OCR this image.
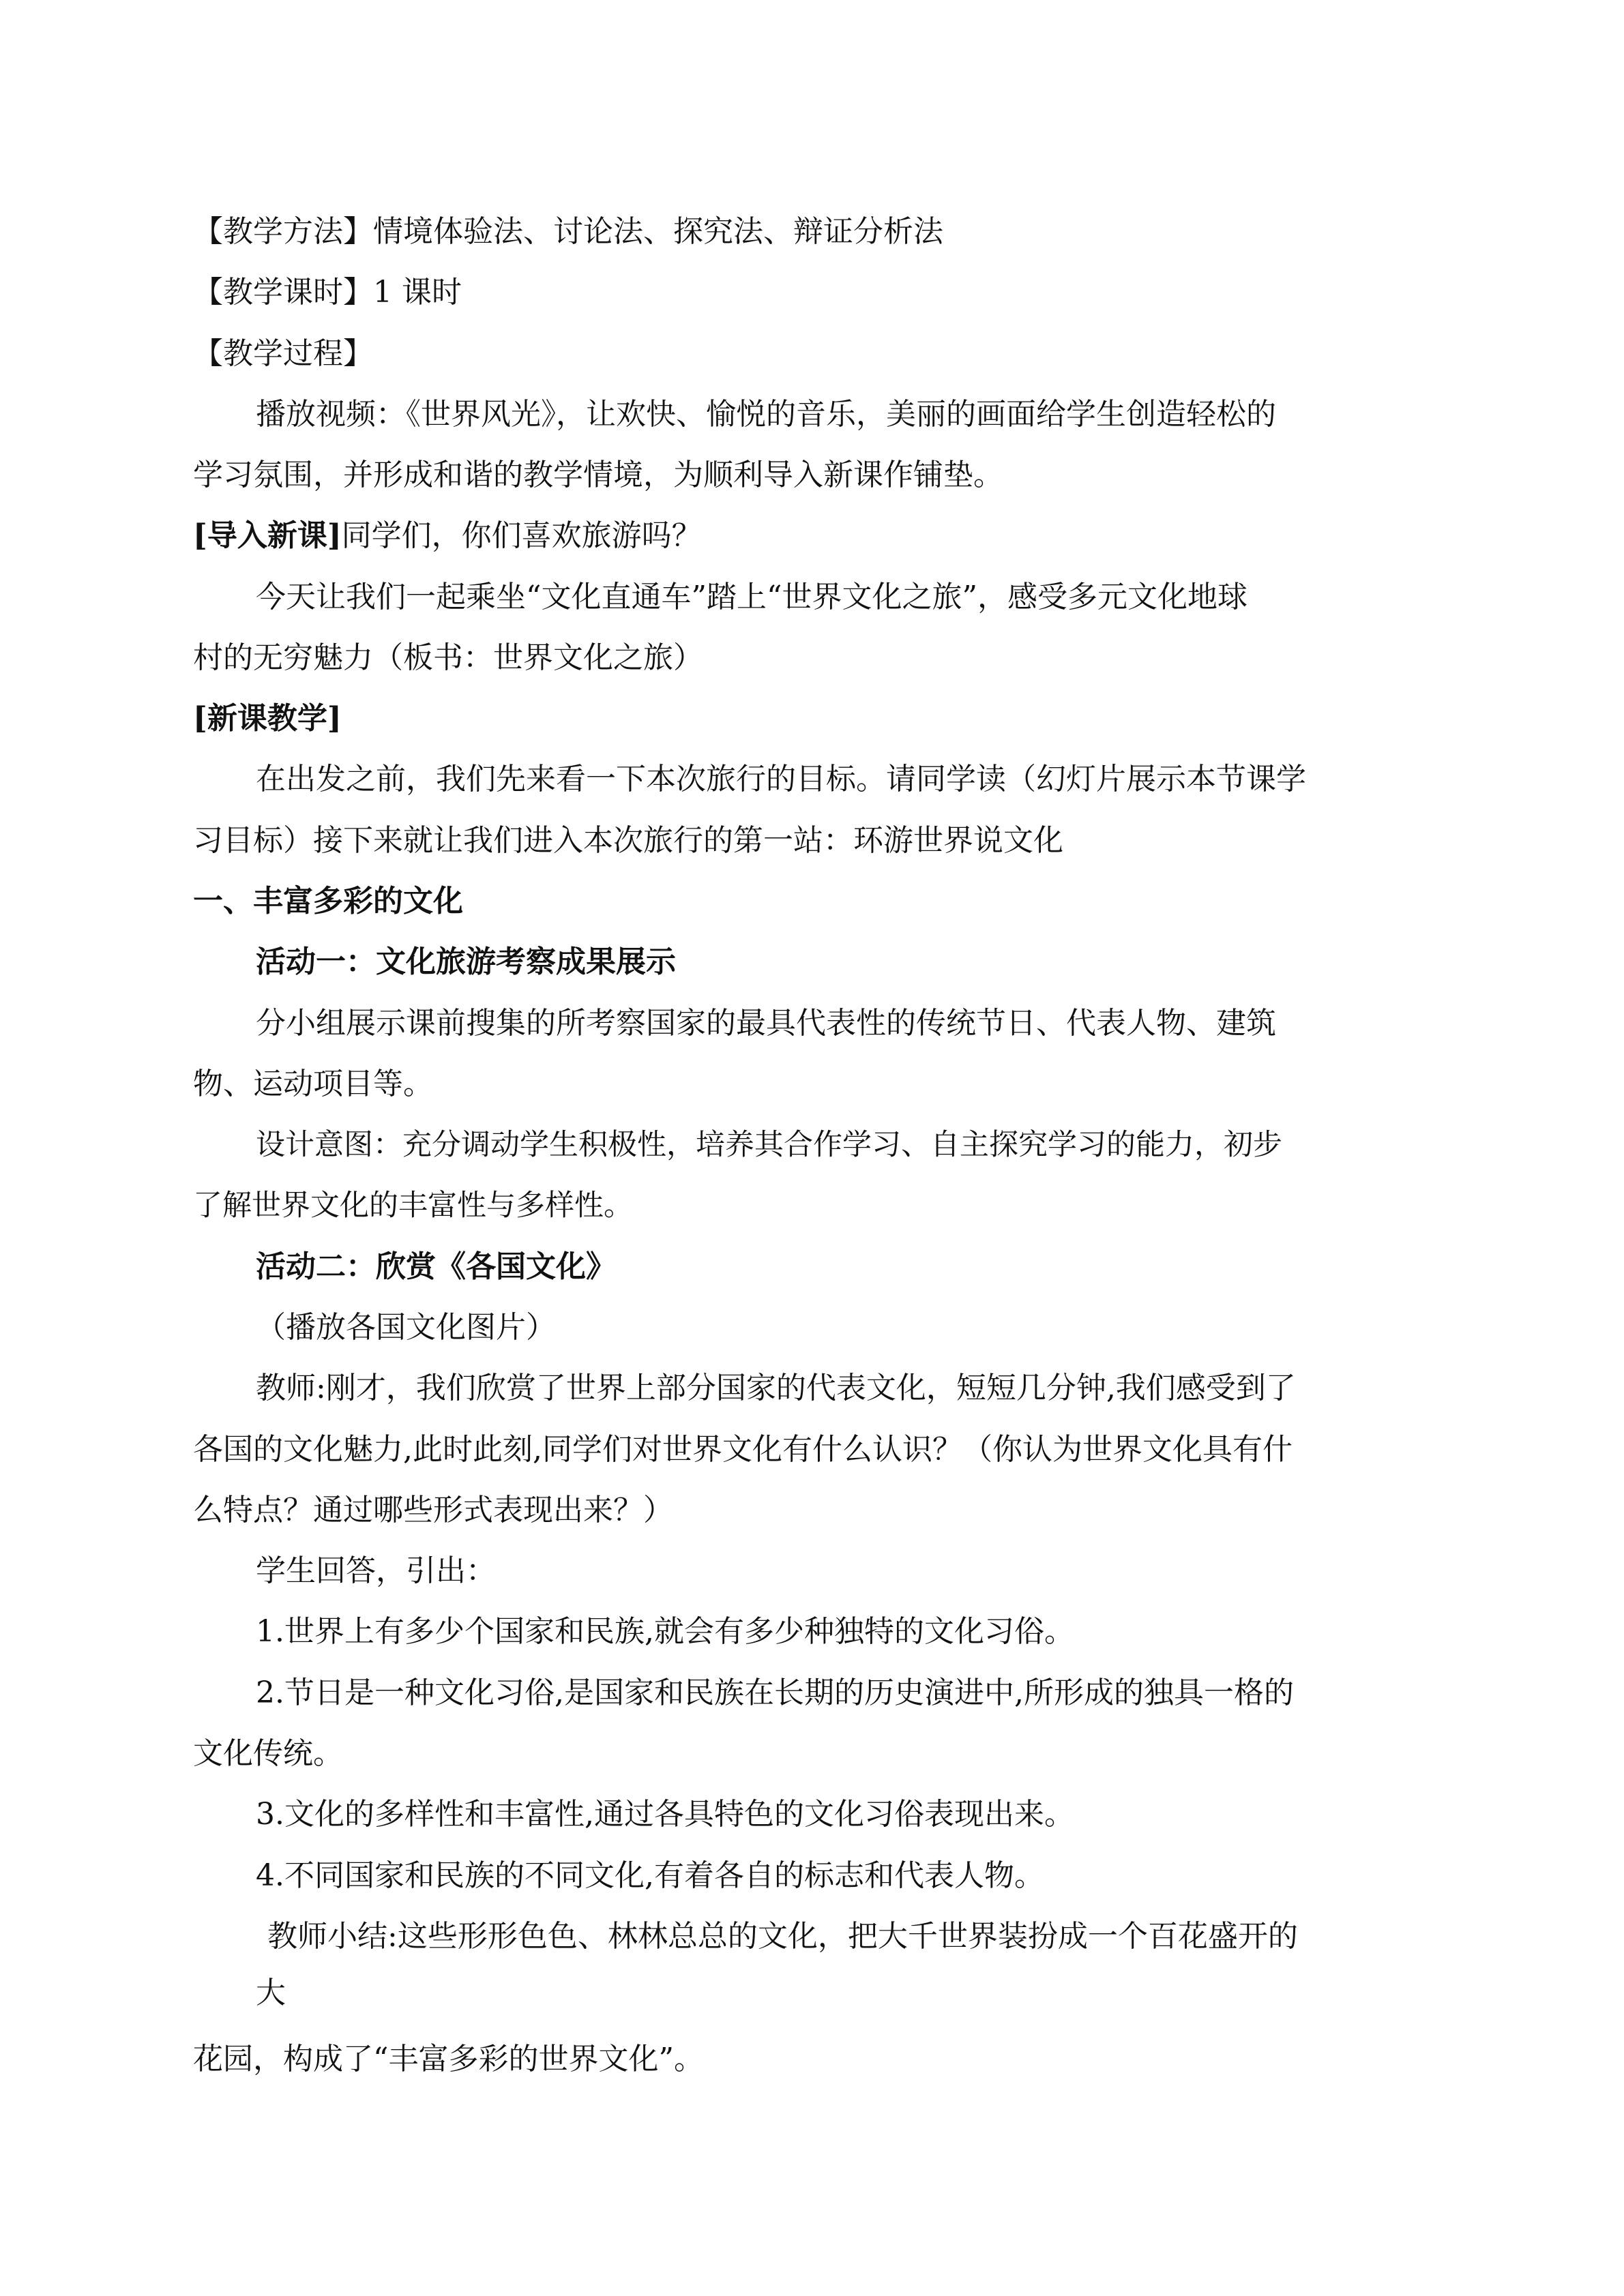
【教学方法】情境体验法、讨论法、探究法、辩证分析法
【教学课时】1 课时
【教学过程】
播放视频：《世界风光》，让欢快、愉悦的音乐，美丽的画面给学生创造轻松的
学习氛围，并形成和谐的教学情境，为顺利导入新课作铺垫。
[导入新课]同学们，你们喜欢旅游吗？
今天让我们一起乘坐“文化直通车”踏上“世界文化之旅”，感受多元文化地球
村的无穷魅力（板书：世界文化之旅）
[新课教学]
在出发之前，我们先来看一下本次旅行的目标。请同学读（幻灯片展示本节课学
习目标）接下来就让我们进入本次旅行的第一站：环游世界说文化
一、丰富多彩的文化
活动一：文化旅游考察成果展示
分小组展示课前搜集的所考察国家的最具代表性的传统节日、代表人物、建筑
物、运动项目等。
设计意图：充分调动学生积极性，培养其合作学习、自主探究学习的能力，初步
了解世界文化的丰富性与多样性。
活动二：欣赏《各国文化》
（播放各国文化图片）
教师:刚才，我们欣赏了世界上部分国家的代表文化，短短几分钟,我们感受到了
各国的文化魅力,此时此刻,同学们对世界文化有什么认识？（你认为世界文化具有什
么特点？通过哪些形式表现出来？）
学生回答，引出：
1.世界上有多少个国家和民族,就会有多少种独特的文化习俗。
2.节日是一种文化习俗,是国家和民族在长期的历史演进中,所形成的独具一格的
文化传统。
3.文化的多样性和丰富性,通过各具特色的文化习俗表现出来。
4.不同国家和民族的不同文化,有着各自的标志和代表人物。
教师小结:这些形形色色、林林总总的文化，把大千世界装扮成一个百花盛开的
大
花园，构成了“丰富多彩的世界文化”。
